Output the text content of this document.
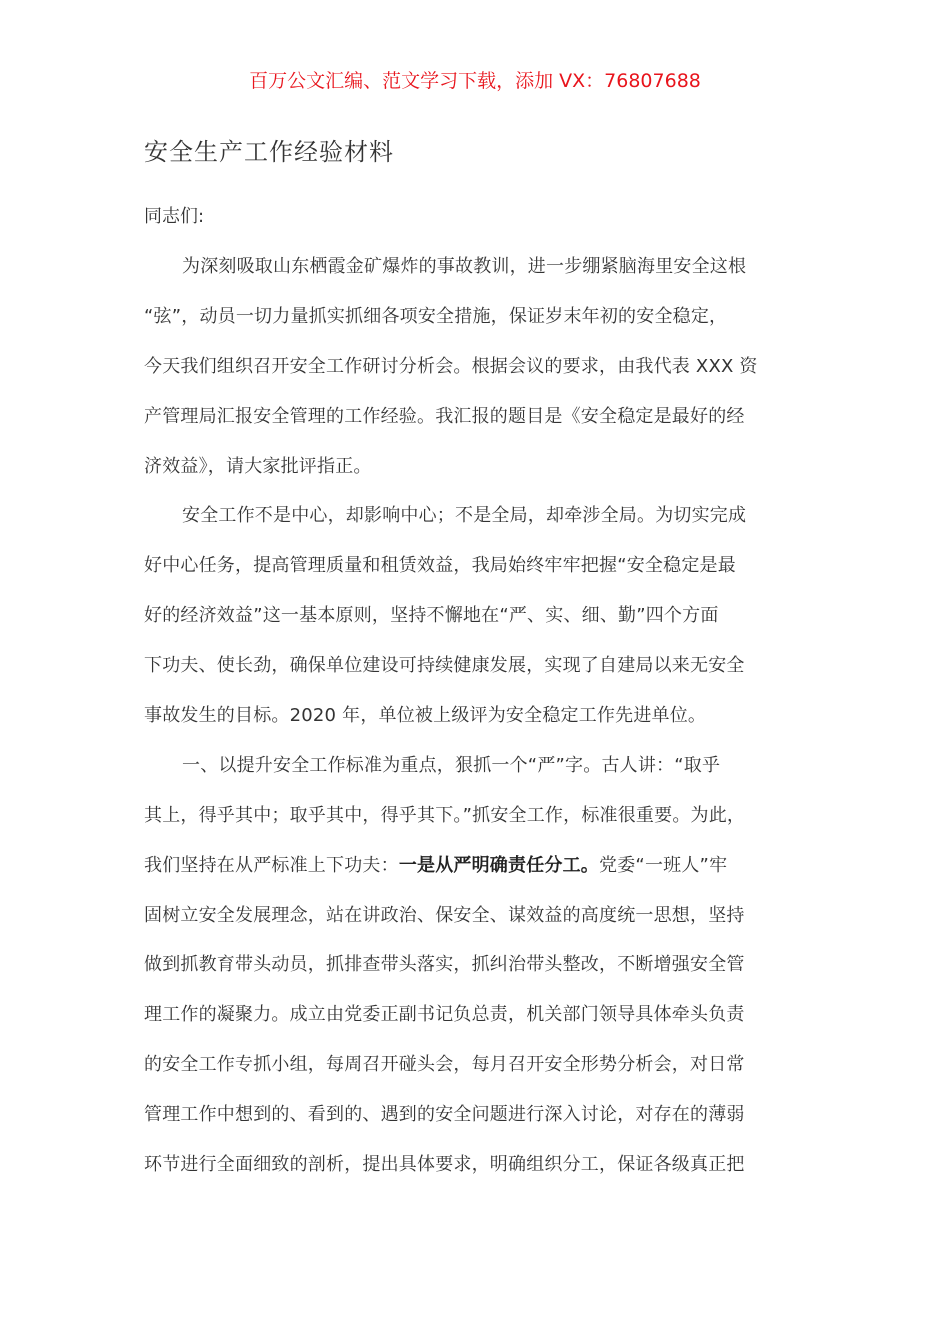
百万公文汇编、范文学习下载，添加 VX：76807688
安全生产工作经验材料
同志们:
为深刻吸取山东栖霞金矿爆炸的事故教训，进一步绷紧脑海里安全这根
“弦”，动员一切力量抓实抓细各项安全措施，保证岁末年初的安全稳定，
今天我们组织召开安全工作研讨分析会。根据会议的要求，由我代表 XXX 资
产管理局汇报安全管理的工作经验。我汇报的题目是《安全稳定是最好的经
济效益》，请大家批评指正。
安全工作不是中心，却影响中心；不是全局，却牵涉全局。为切实完成
好中心任务，提高管理质量和租赁效益，我局始终牢牢把握“安全稳定是最
好的经济效益”这一基本原则，坚持不懈地在“严、实、细、勤”四个方面
下功夫、使长劲，确保单位建设可持续健康发展，实现了自建局以来无安全
事故发生的目标。2020 年，单位被上级评为安全稳定工作先进单位。
一、以提升安全工作标准为重点，狠抓一个“严”字。古人讲：“取乎
其上，得乎其中；取乎其中，得乎其下。”抓安全工作，标准很重要。为此，
我们坚持在从严标准上下功夫：一是从严明确责任分工。党委“一班人”牢
固树立安全发展理念，站在讲政治、保安全、谋效益的高度统一思想，坚持
做到抓教育带头动员，抓排查带头落实，抓纠治带头整改，不断增强安全管
理工作的凝聚力。成立由党委正副书记负总责，机关部门领导具体牵头负责
的安全工作专抓小组，每周召开碰头会，每月召开安全形势分析会，对日常
管理工作中想到的、看到的、遇到的安全问题进行深入讨论，对存在的薄弱
环节进行全面细致的剖析，提出具体要求，明确组织分工，保证各级真正把
